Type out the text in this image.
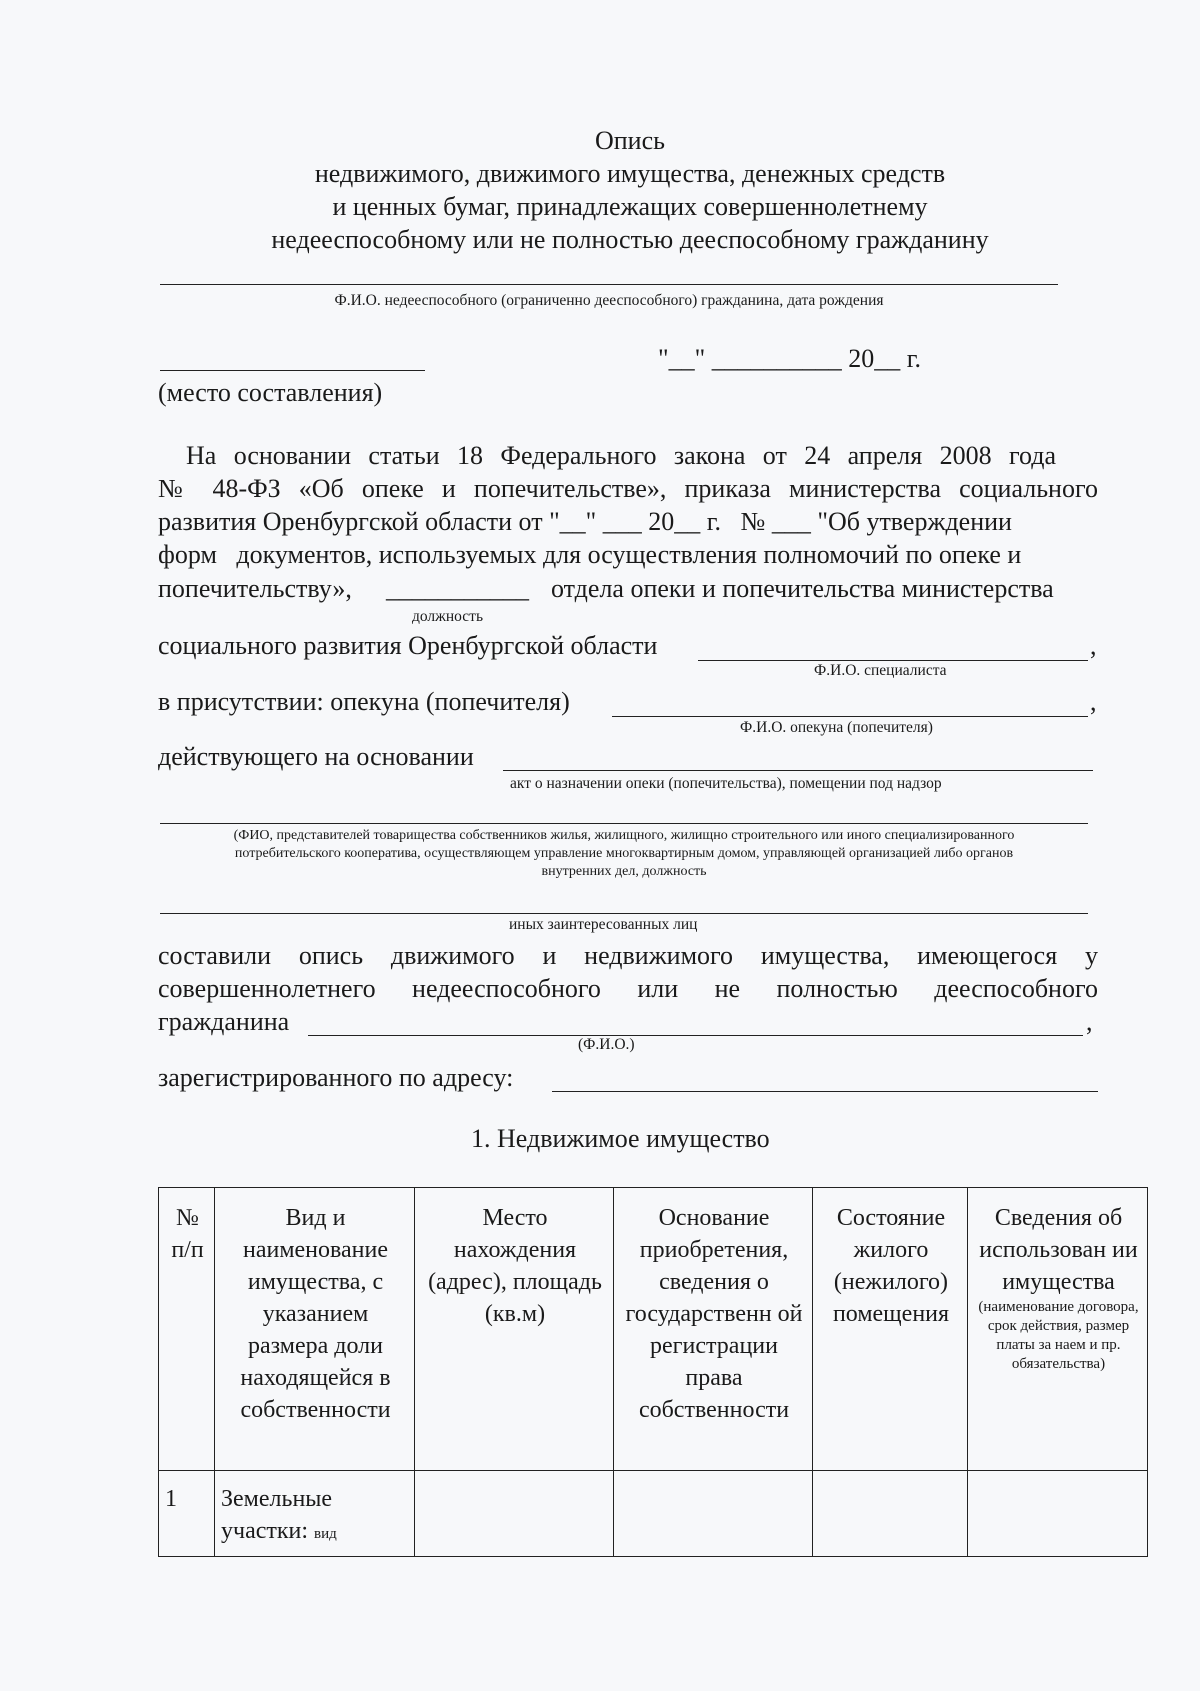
Опись
недвижимого, движимого имущества, денежных средств
и ценных бумаг, принадлежащих совершеннолетнему
недееспособному или не полностью дееспособному гражданину
Ф.И.О. недееспособного (ограниченно дееспособного) гражданина, дата рождения
"__" __________ 20__ г.
(место составления)
На основании статьи 18 Федерального закона от 24 апреля 2008 года
№ 48-ФЗ «Об опеке и попечительстве», приказа министерства социального
развития Оренбургской области от "__" ___ 20__ г.   № ___ "Об утверждении
форм   документов, используемых для осуществления полномочий по опеке и
попечительству», ___________ отдела опеки и попечительства министерства
должность
социального развития Оренбургской области	,
Ф.И.О. специалиста
в присутствии: опекуна (попечителя)	,
Ф.И.О. опекуна (попечителя)
действующего на основании
акт о назначении опеки (попечительства), помещении под надзор
(ФИО, представителей товарищества собственников жилья, жилищного, жилищно строительного или иного специализированного
потребительского кооператива, осуществляющем управление многоквартирным домом, управляющей организацией либо органов
внутренних дел, должность
иных заинтересованных лиц
составили опись движимого и недвижимого имущества, имеющегося у
совершеннолетнего недееспособного или не полностью дееспособного
гражданина	,
(Ф.И.О.)
зарегистрированного по адресу:
1. Недвижимое имущество
№ п/п	Вид и наименование имущества, с указанием размера доли находящейся в собственности	Место нахождения (адрес), площадь (кв.м)	Основание приобретения, сведения о государственн ой регистрации права собственности	Состояние жилого (нежилого) помещения	Сведения об использован ии имущества
(наименование договора, срок действия, размер платы за наем и пр. обязательства)

1	Земельные участки: вид				
